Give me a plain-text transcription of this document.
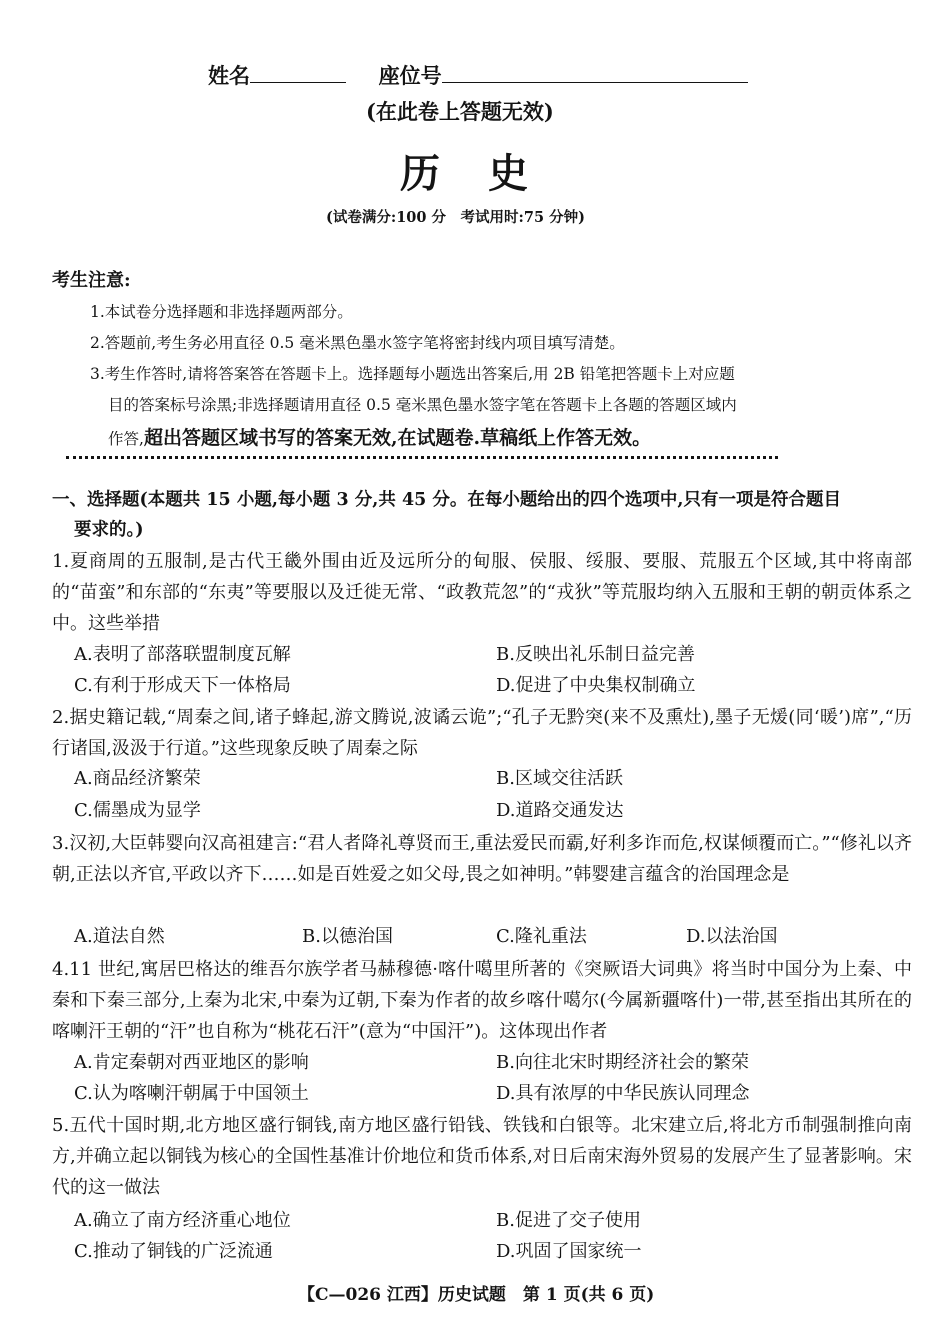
姓名	座位号
(在此卷上答题无效)
历史
(试卷满分:100 分　考试用时:75 分钟)
考生注意:
1.本试卷分选择题和非选择题两部分。
2.答题前,考生务必用直径 0.5 毫米黑色墨水签字笔将密封线内项目填写清楚。
3.考生作答时,请将答案答在答题卡上。选择题每小题选出答案后,用 2B 铅笔把答题卡上对应题
目的答案标号涂黑;非选择题请用直径 0.5 毫米黑色墨水签字笔在答题卡上各题的答题区域内
作答,超出答题区域书写的答案无效,在试题卷.草稿纸上作答无效。
一、选择题(本题共 15 小题,每小题 3 分,共 45 分。在每小题给出的四个选项中,只有一项是符合题目
要求的。)
1.夏商周的五服制,是古代王畿外围由近及远所分的甸服、侯服、绥服、要服、荒服五个区域,其中将南部的“苗蛮”和东部的“东夷”等要服以及迁徙无常、“政教荒忽”的“戎狄”等荒服均纳入五服和王朝的朝贡体系之中。这些举措
A.表明了部落联盟制度瓦解	B.反映出礼乐制日益完善
C.有利于形成天下一体格局	D.促进了中央集权制确立
2.据史籍记载,“周秦之间,诸子蜂起,游文腾说,波谲云诡”;“孔子无黔突(来不及熏灶),墨子无煖(同‘暖’)席”,“历行诸国,汲汲于行道。”这些现象反映了周秦之际
A.商品经济繁荣	B.区域交往活跃
C.儒墨成为显学	D.道路交通发达
3.汉初,大臣韩婴向汉高祖建言:“君人者降礼尊贤而王,重法爱民而霸,好利多诈而危,权谋倾覆而亡。”“修礼以齐朝,正法以齐官,平政以齐下……如是百姓爱之如父母,畏之如神明。”韩婴建言蕴含的治国理念是
A.道法自然	B.以德治国	C.隆礼重法	D.以法治国
4.11 世纪,寓居巴格达的维吾尔族学者马赫穆德·喀什噶里所著的《突厥语大词典》将当时中国分为上秦、中秦和下秦三部分,上秦为北宋,中秦为辽朝,下秦为作者的故乡喀什噶尔(今属新疆喀什)一带,甚至指出其所在的喀喇汗王朝的“汗”也自称为“桃花石汗”(意为“中国汗”)。这体现出作者
A.肯定秦朝对西亚地区的影响	B.向往北宋时期经济社会的繁荣
C.认为喀喇汗朝属于中国领土	D.具有浓厚的中华民族认同理念
5.五代十国时期,北方地区盛行铜钱,南方地区盛行铅钱、铁钱和白银等。北宋建立后,将北方币制强制推向南方,并确立起以铜钱为核心的全国性基准计价地位和货币体系,对日后南宋海外贸易的发展产生了显著影响。宋代的这一做法
A.确立了南方经济重心地位	B.促进了交子使用
C.推动了铜钱的广泛流通	D.巩固了国家统一
【C—026 江西】历史试题　第 1 页(共 6 页)
